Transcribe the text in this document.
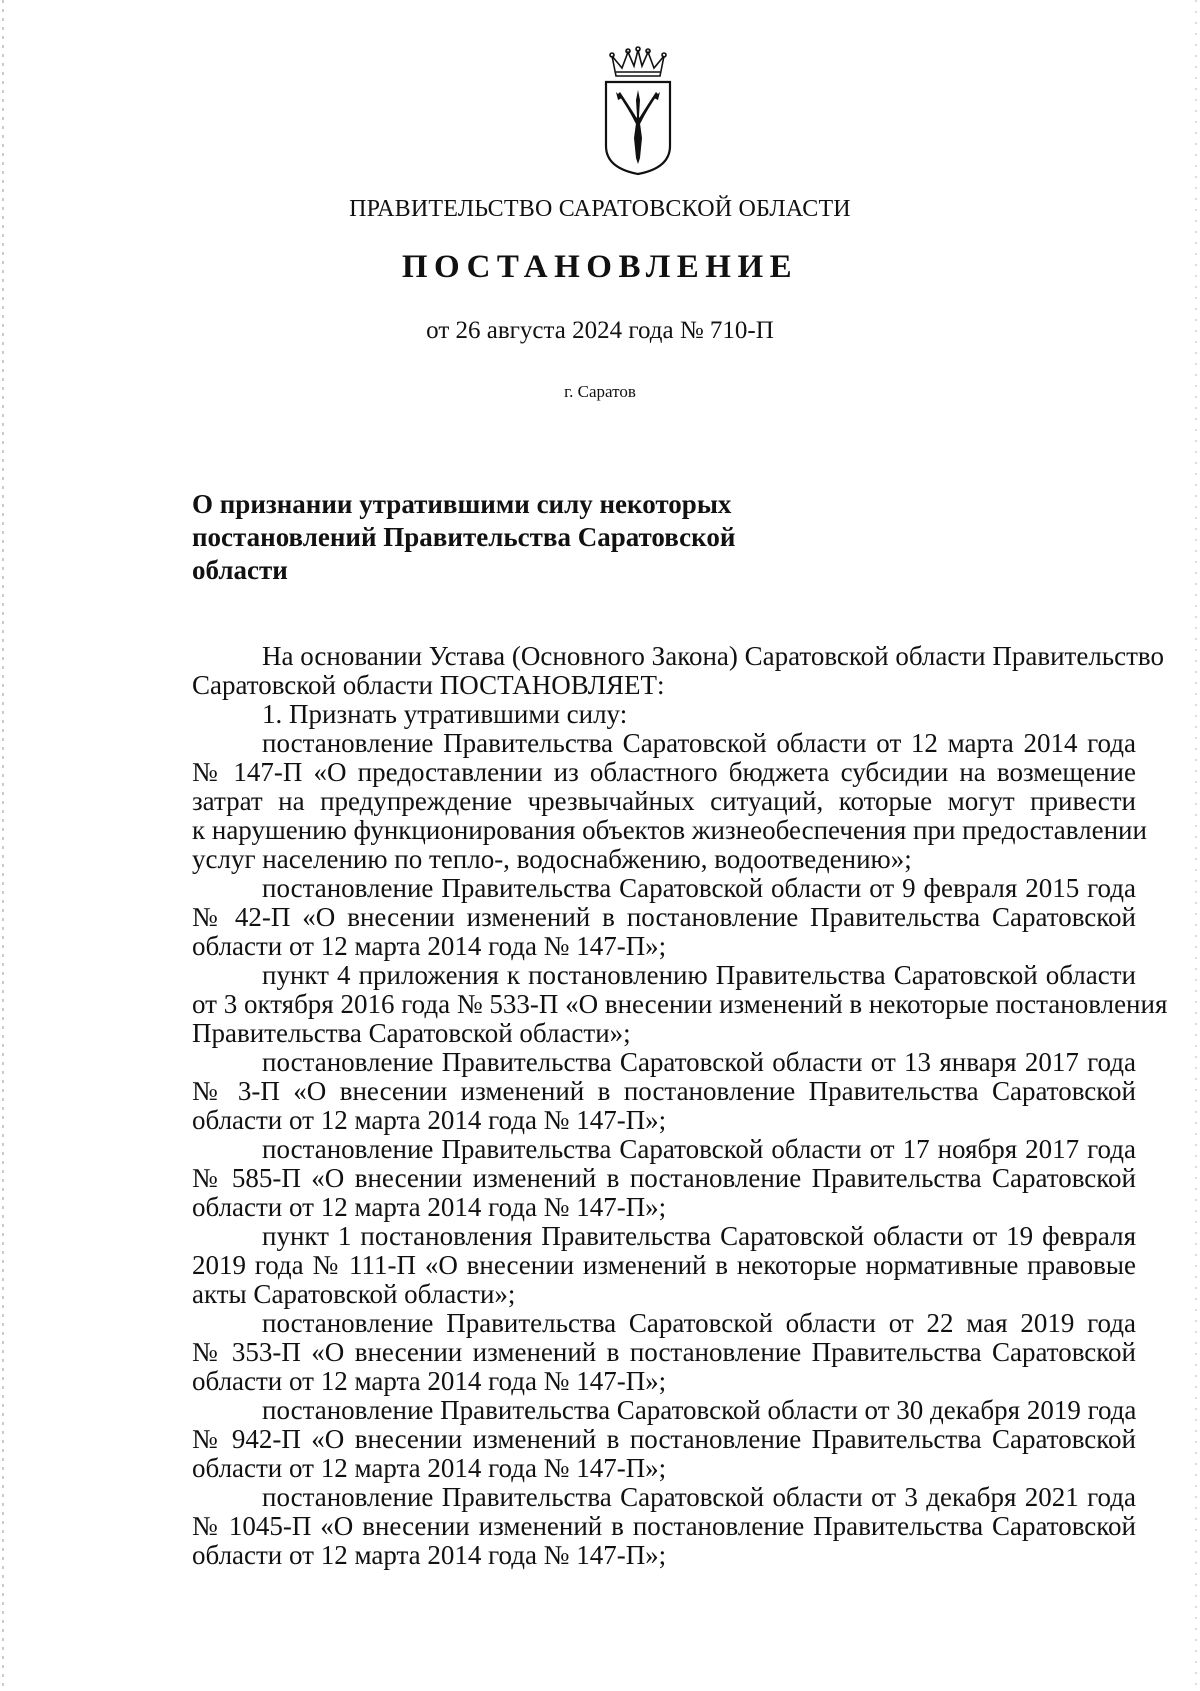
ПРАВИТЕЛЬСТВО САРАТОВСКОЙ ОБЛАСТИ
ПОСТАНОВЛЕНИЕ
от 26 августа 2024 года № 710-П
г. Саратов
О признании утратившими силу некоторых
постановлений Правительства Саратовской
области
На основании Устава (Основного Закона) Саратовской области Правительство
Саратовской области ПОСТАНОВЛЯЕТ:
1. Признать утратившими силу:
постановление Правительства Саратовской области от 12 марта 2014 года
№ 147-П «О предоставлении из областного бюджета субсидии на возмещение
затрат на предупреждение чрезвычайных ситуаций, которые могут привести
к нарушению функционирования объектов жизнеобеспечения при предоставлении
услуг населению по тепло-, водоснабжению, водоотведению»;
постановление Правительства Саратовской области от 9 февраля 2015 года
№ 42-П «О внесении изменений в постановление Правительства Саратовской
области от 12 марта 2014 года № 147-П»;
пункт 4 приложения к постановлению Правительства Саратовской области
от 3 октября 2016 года № 533-П «О внесении изменений в некоторые постановления
Правительства Саратовской области»;
постановление Правительства Саратовской области от 13 января 2017 года
№ 3-П «О внесении изменений в постановление Правительства Саратовской
области от 12 марта 2014 года № 147-П»;
постановление Правительства Саратовской области от 17 ноября 2017 года
№ 585-П «О внесении изменений в постановление Правительства Саратовской
области от 12 марта 2014 года № 147-П»;
пункт 1 постановления Правительства Саратовской области от 19 февраля
2019 года № 111-П «О внесении изменений в некоторые нормативные правовые
акты Саратовской области»;
постановление Правительства Саратовской области от 22 мая 2019 года
№ 353-П «О внесении изменений в постановление Правительства Саратовской
области от 12 марта 2014 года № 147-П»;
постановление Правительства Саратовской области от 30 декабря 2019 года
№ 942-П «О внесении изменений в постановление Правительства Саратовской
области от 12 марта 2014 года № 147-П»;
постановление Правительства Саратовской области от 3 декабря 2021 года
№ 1045-П «О внесении изменений в постановление Правительства Саратовской
области от 12 марта 2014 года № 147-П»;
